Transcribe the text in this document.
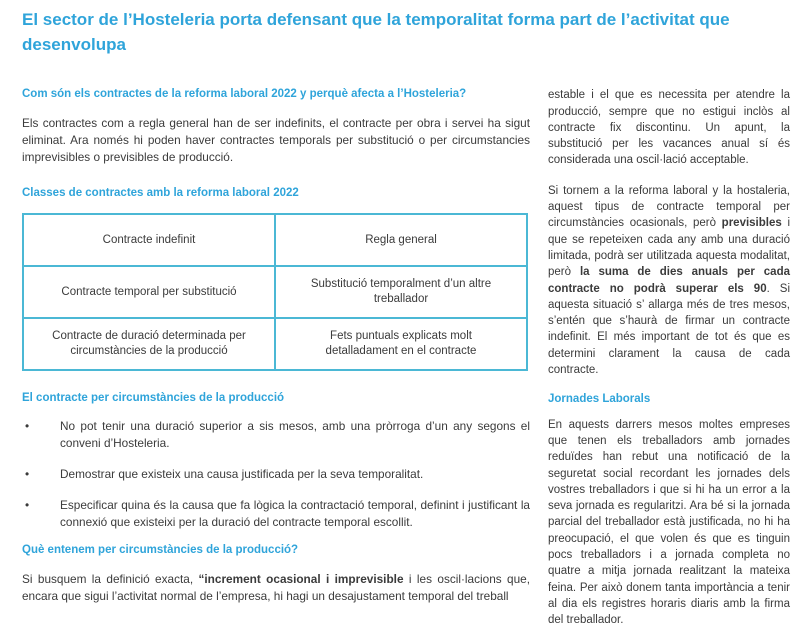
El sector de l’Hosteleria porta defensant que la temporalitat forma part de l’activitat que desenvolupa
Com són els contractes de la reforma laboral 2022 y perquè afecta a l’Hosteleria?

Els contractes com a regla general han de ser indefinits, el contracte per obra i servei ha sigut eliminat. Ara només hi poden haver contractes temporals per substitució o per circumstancies imprevisibles o previsibles de producció.

Classes de contractes amb la reforma laboral 2022
Contracte indefinit	Regla general
Contracte temporal per substitució	Substitució temporalment d’un altre treballador
Contracte de duració determinada per circumstàncies de la producció	Fets puntuals explicats molt detalladament en el contracte
El contracte per circumstàncies de la producció
•	No pot tenir una duració superior a sis mesos, amb una pròrroga d’un any segons el conveni d’Hosteleria.
•	Demostrar que existeix una causa justificada per la seva temporalitat.
•	Especificar quina és la causa que fa lògica la contractació temporal, definint i justificant la connexió que existeixi per la duració del contracte temporal escollit.
Què entenem per circumstàncies de la producció?

Si busquem la definició exacta, “increment ocasional i imprevisible i les oscil·lacions que, encara que sigui l’activitat normal de l’empresa, hi hagi un desajustament temporal del treball

estable i el que es necessita per atendre la producció, sempre que no estigui inclòs al contracte fix discontinu. Un apunt, la substitució per les vacances anual sí és considerada una oscil·lació acceptable.

Si tornem a la reforma laboral y la hostaleria, aquest tipus de contracte temporal per circumstàncies ocasionals, però previsibles i que se repeteixen cada any amb una duració limitada, podrà ser utilitzada aquesta modalitat, però la suma de dies anuals per cada contracte no podrà superar els 90. Si aquesta situació s’ allarga més de tres mesos, s’entén que s’haurà de firmar un contracte indefinit. El més important de tot és que es determini clarament la causa de cada contracte.

Jornades Laborals

En aquests darrers mesos moltes empreses que tenen els treballadors amb jornades reduïdes han rebut una notificació de la seguretat social recordant les jornades dels vostres treballadors i que si hi ha un error a la seva jornada es regularitzi. Ara bé si la jornada parcial del treballador està justificada, no hi ha preocupació, el que volen és que es tinguin pocs treballadors i a jornada completa no quatre a mitja jornada realitzant la mateixa feina. Per això donem tanta importància a tenir al dia els registres horaris diaris amb la firma del treballador.
